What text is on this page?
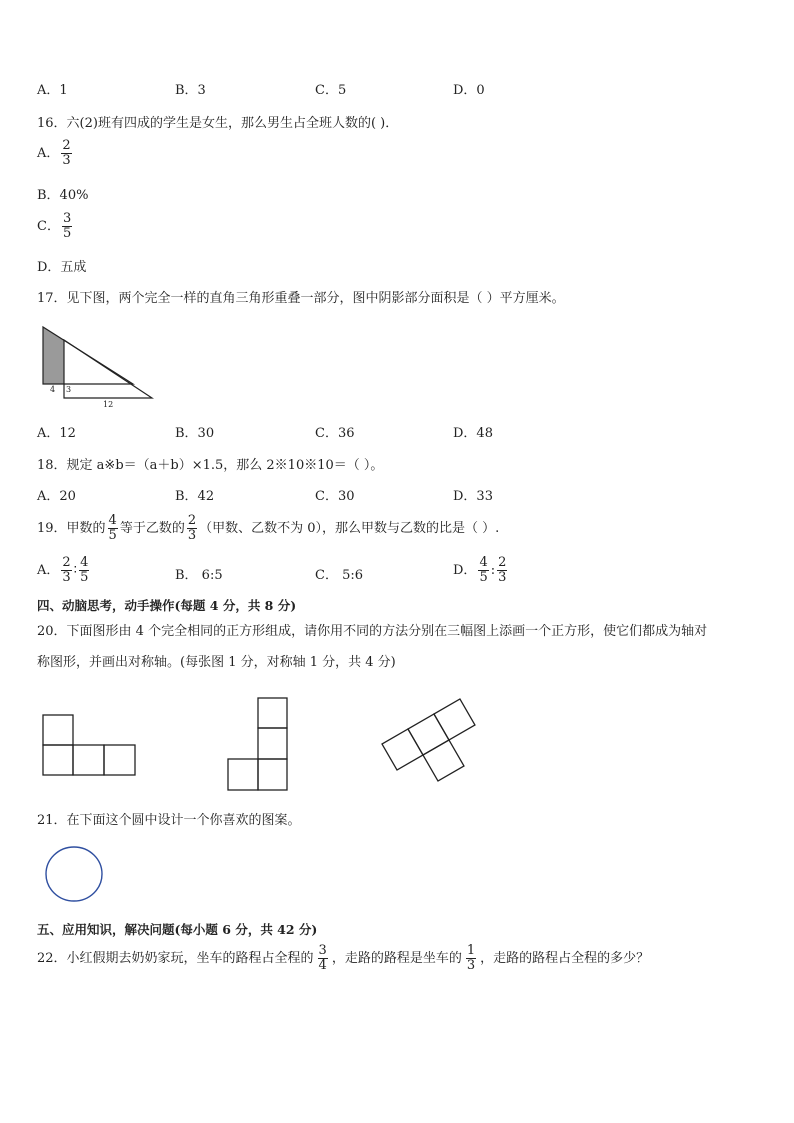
A．1	B．3	C．5	D．0
16．六(2)班有四成的学生是女生，那么男生占全班人数的( )．
A． $\frac{2}{3}$
B．40%
C． $\frac{3}{5}$
D．五成
17．见下图，两个完全一样的直角三角形重叠一部分，图中阴影部分面积是（ ）平方厘米。
4 3
12
A．12	B．30	C．36	D．48
18．规定 a※b＝（a＋b）×1.5，那么 2※10※10＝（ ）。
A．20	B．42	C．30	D．33
19．甲数的 $\frac{4}{5}$ 等于乙数的 $\frac{2}{3}$ （甲数、乙数不为 0），那么甲数与乙数的比是（ ）.
A． $\frac{2}{3}$ ∶ $\frac{4}{5}$	B． 6:5	C． 5:6	D． $\frac{4}{5}$ : $\frac{2}{3}$
四、动脑思考，动手操作(每题 4 分，共 8 分)
20．下面图形由 4 个完全相同的正方形组成，请你用不同的方法分别在三幅图上添画一个正方形，使它们都成为轴对
称图形，并画出对称轴。(每张图 1 分，对称轴 1 分，共 4 分)
21．在下面这个圆中设计一个你喜欢的图案。
五、应用知识，解决问题(每小题 6 分，共 42 分)
22．小红假期去奶奶家玩，坐车的路程占全程的 $\frac{3}{4}$ ，走路的路程是坐车的 $\frac{1}{3}$ ，走路的路程占全程的多少？
